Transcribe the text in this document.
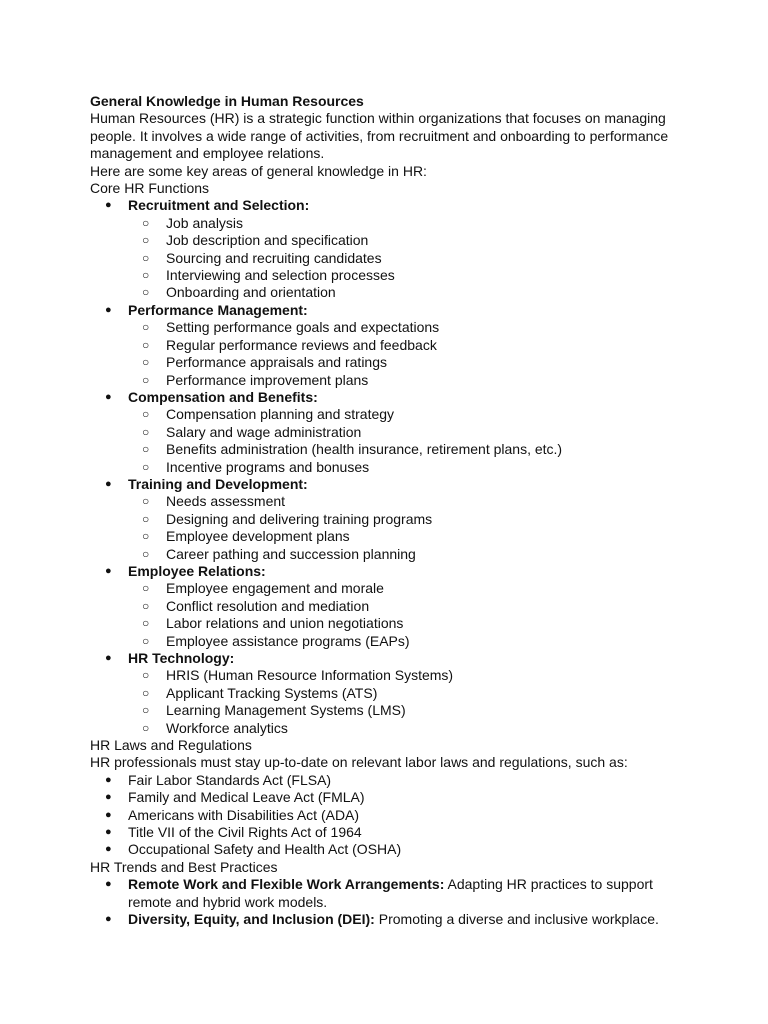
General Knowledge in Human Resources

Human Resources (HR) is a strategic function within organizations that focuses on managing people. It involves a wide range of activities, from recruitment and onboarding to performance management and employee relations.

Here are some key areas of general knowledge in HR:

Core HR Functions

● Recruitment and Selection:
○ Job analysis
○ Job description and specification
○ Sourcing and recruiting candidates
○ Interviewing and selection processes
○ Onboarding and orientation
● Performance Management:
○ Setting performance goals and expectations
○ Regular performance reviews and feedback
○ Performance appraisals and ratings
○ Performance improvement plans
● Compensation and Benefits:
○ Compensation planning and strategy
○ Salary and wage administration
○ Benefits administration (health insurance, retirement plans, etc.)
○ Incentive programs and bonuses
● Training and Development:
○ Needs assessment
○ Designing and delivering training programs
○ Employee development plans
○ Career pathing and succession planning
● Employee Relations:
○ Employee engagement and morale
○ Conflict resolution and mediation
○ Labor relations and union negotiations
○ Employee assistance programs (EAPs)
● HR Technology:
○ HRIS (Human Resource Information Systems)
○ Applicant Tracking Systems (ATS)
○ Learning Management Systems (LMS)
○ Workforce analytics

HR Laws and Regulations

HR professionals must stay up-to-date on relevant labor laws and regulations, such as:

● Fair Labor Standards Act (FLSA)
● Family and Medical Leave Act (FMLA)
● Americans with Disabilities Act (ADA)
● Title VII of the Civil Rights Act of 1964
● Occupational Safety and Health Act (OSHA)

HR Trends and Best Practices

● Remote Work and Flexible Work Arrangements: Adapting HR practices to support remote and hybrid work models.
● Diversity, Equity, and Inclusion (DEI): Promoting a diverse and inclusive workplace.
